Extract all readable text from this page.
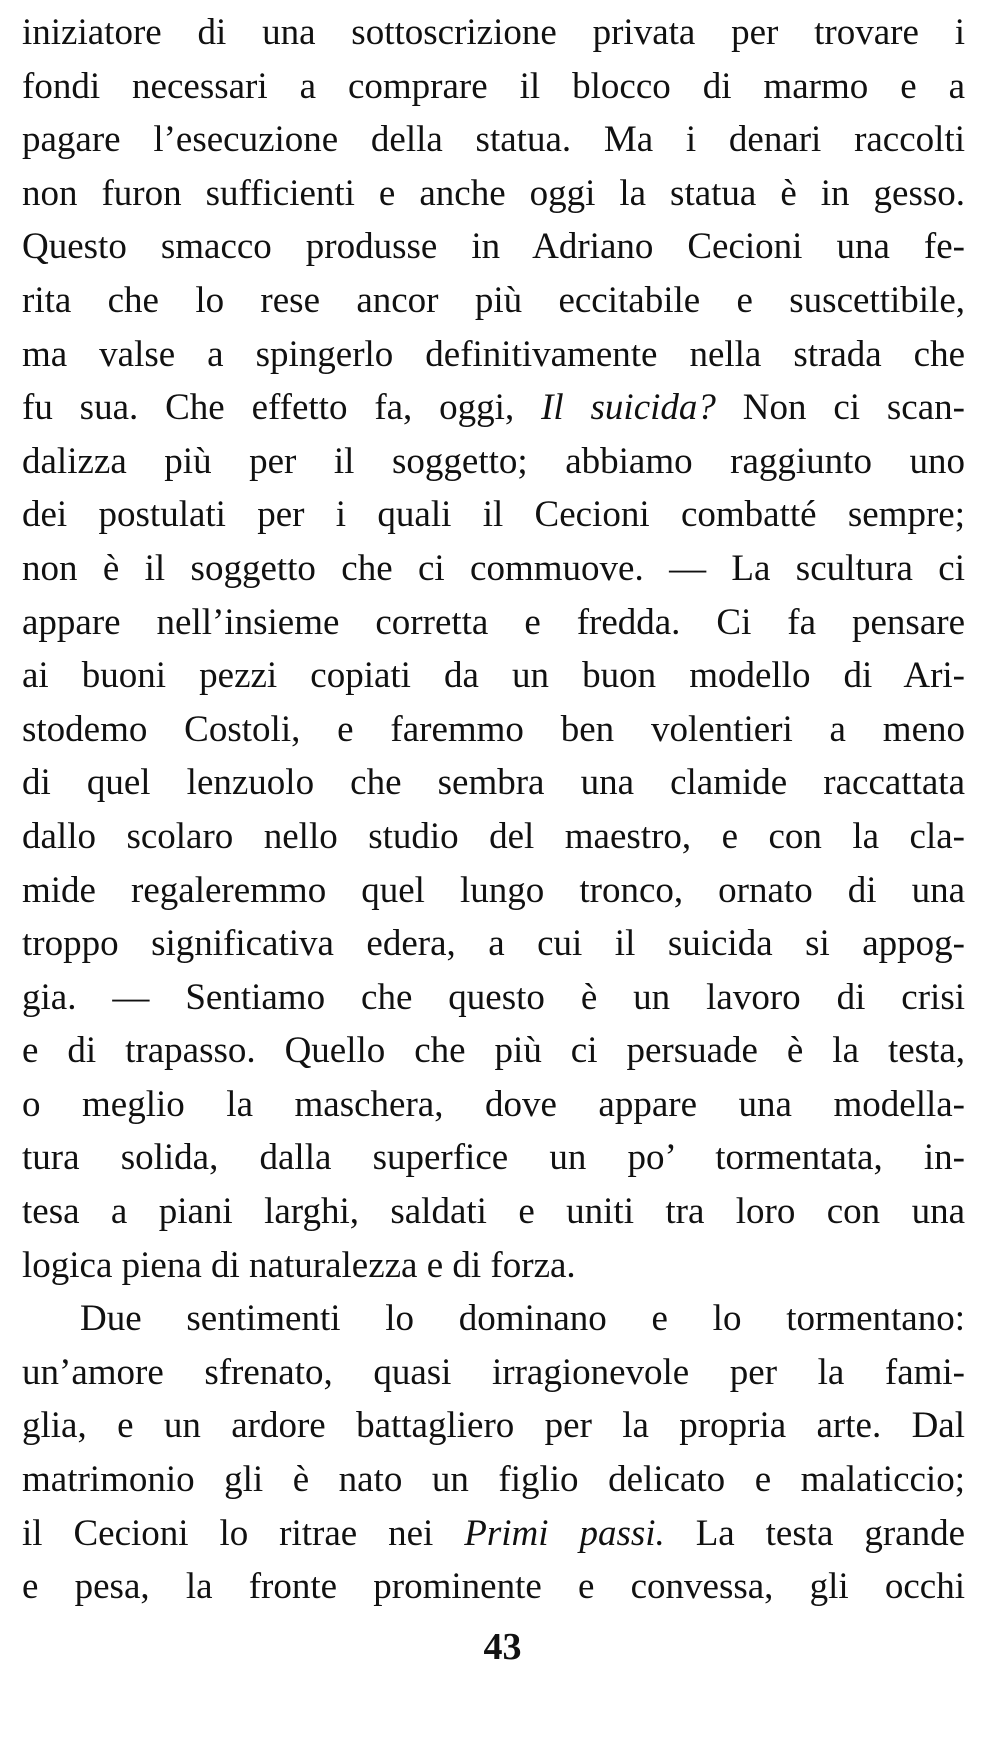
iniziatore di una sottoscrizione privata per trovare i
fondi necessari a comprare il blocco di marmo e a
pagare l’esecuzione della statua. Ma i denari raccolti
non furon sufficienti e anche oggi la statua è in gesso.
Questo smacco produsse in Adriano Cecioni una fe-
rita che lo rese ancor più eccitabile e suscettibile,
ma valse a spingerlo definitivamente nella strada che
fu sua. Che effetto fa, oggi, Il suicida? Non ci scan-
dalizza più per il soggetto; abbiamo raggiunto uno
dei postulati per i quali il Cecioni combatté sempre;
non è il soggetto che ci commuove. — La scultura ci
appare nell’insieme corretta e fredda. Ci fa pensare
ai buoni pezzi copiati da un buon modello di Ari-
stodemo Costoli, e faremmo ben volentieri a meno
di quel lenzuolo che sembra una clamide raccattata
dallo scolaro nello studio del maestro, e con la cla-
mide regaleremmo quel lungo tronco, ornato di una
troppo significativa edera, a cui il suicida si appog-
gia. — Sentiamo che questo è un lavoro di crisi
e di trapasso. Quello che più ci persuade è la testa,
o meglio la maschera, dove appare una modella-
tura solida, dalla superfice un po’ tormentata, in-
tesa a piani larghi, saldati e uniti tra loro con una
logica piena di naturalezza e di forza.
Due sentimenti lo dominano e lo tormentano:
un’amore sfrenato, quasi irragionevole per la fami-
glia, e un ardore battagliero per la propria arte. Dal
matrimonio gli è nato un figlio delicato e malaticcio;
il Cecioni lo ritrae nei Primi passi. La testa grande
e pesa, la fronte prominente e convessa, gli occhi
43
